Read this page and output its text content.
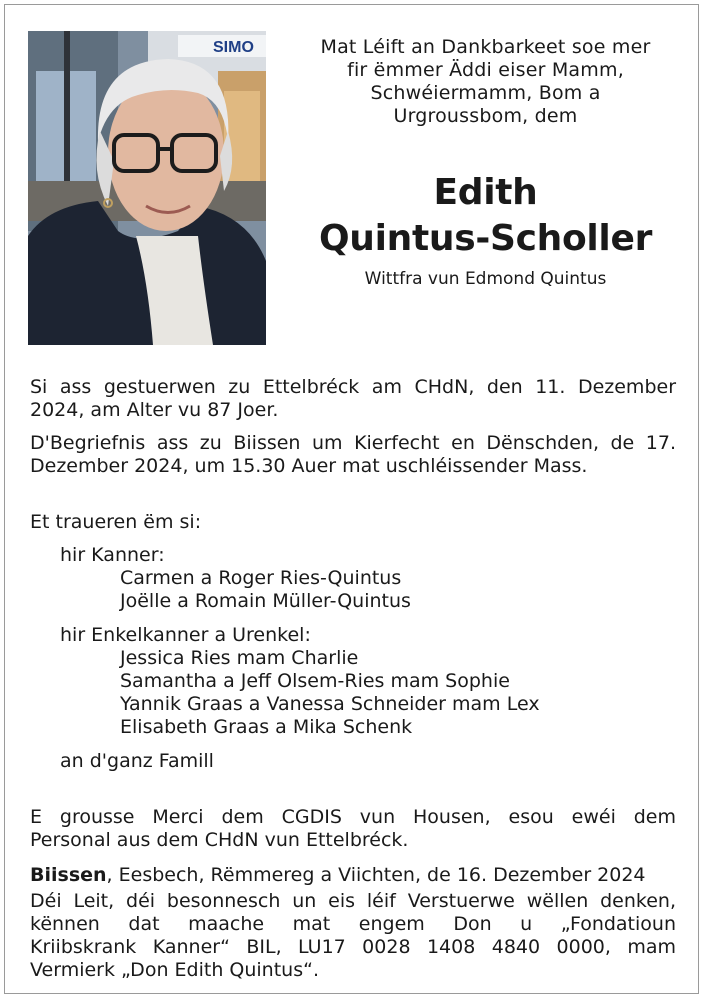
SIMO	Mat Léift an Dankbarkeet soe mer
fir ëmmer Äddi eiser Mamm,
Schwéiermamm, Bom a
Urgroussbom, dem
Edith
Quintus-Scholler
Wittfra vun Edmond Quintus
Si ass gestuerwen zu Ettelbréck am CHdN, den 11. Dezember
2024, am Alter vu 87 Joer.
D'Begriefnis ass zu Biissen um Kierfecht en Dënschden, de 17.
Dezember 2024, um 15.30 Auer mat uschléissender Mass.
Et traueren ëm si:
hir Kanner:
Carmen a Roger Ries-Quintus
Joëlle a Romain Müller-Quintus
hir Enkelkanner a Urenkel:
Jessica Ries mam Charlie
Samantha a Jeff Olsem-Ries mam Sophie
Yannik Graas a Vanessa Schneider mam Lex
Elisabeth Graas a Mika Schenk
an d'ganz Famill
E grousse Merci dem CGDIS vun Housen, esou ewéi dem
Personal aus dem CHdN vun Ettelbréck.
Biissen, Eesbech, Rëmmereg a Viichten, de 16. Dezember 2024
Déi Leit, déi besonnesch un eis léif Verstuerwe wëllen denken,
kënnen dat maache mat engem Don u „Fondatioun
Kriibskrank Kanner“ BIL, LU17 0028 1408 4840 0000, mam
Vermierk „Don Edith Quintus“.
